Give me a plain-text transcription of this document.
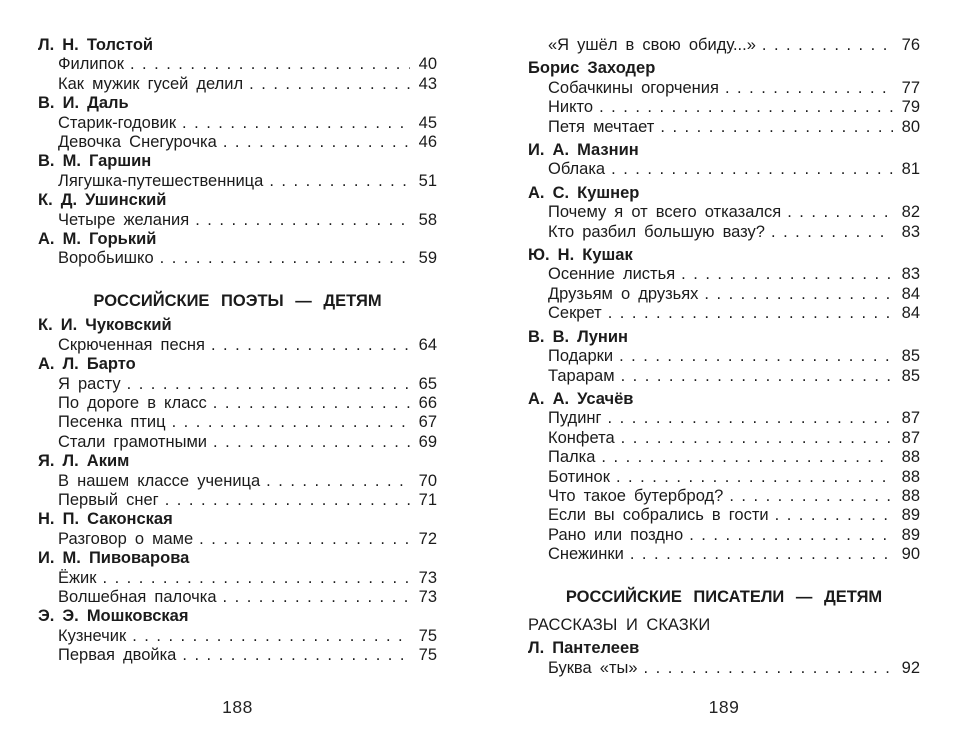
Л. Н. Толстой
Филипок .....	40
Как мужик гусей делил .....	43
В. И. Даль
Старик-годовик .....	45
Девочка Снегурочка .....	46
В. М. Гаршин
Лягушка-путешественница .....	51
К. Д. Ушинский
Четыре желания .....	58
А. М. Горький
Воробьишко .....	59
РОССИЙСКИЕ ПОЭТЫ — ДЕТЯМ
К. И. Чуковский
Скрюченная песня .....	64
А. Л. Барто
Я расту .....	65
По дороге в класс .....	66
Песенка птиц .....	67
Стали грамотными .....	69
Я. Л. Аким
В нашем классе ученица .....	70
Первый снег .....	71
Н. П. Саконская
Разговор о маме .....	72
И. М. Пивоварова
Ёжик .....	73
Волшебная палочка .....	73
Э. Э. Мошковская
Кузнечик .....	75
Первая двойка .....	75
188
«Я ушёл в свою обиду...» .....	76
Борис Заходер
Собачкины огорчения .....	77
Никто .....	79
Петя мечтает .....	80
И. А. Мазнин
Облака .....	81
А. С. Кушнер
Почему я от всего отказался .....	82
Кто разбил большую вазу? .....	83
Ю. Н. Кушак
Осенние листья .....	83
Друзьям о друзьях .....	84
Секрет .....	84
В. В. Лунин
Подарки .....	85
Тарарам .....	85
А. А. Усачёв
Пудинг .....	87
Конфета .....	87
Палка .....	88
Ботинок .....	88
Что такое бутерброд? .....	88
Если вы собрались в гости .....	89
Рано или поздно .....	89
Снежинки .....	90
РОССИЙСКИЕ ПИСАТЕЛИ — ДЕТЯМ
РАССКАЗЫ И СКАЗКИ
Л. Пантелеев
Буква «ты» .....	92
189
